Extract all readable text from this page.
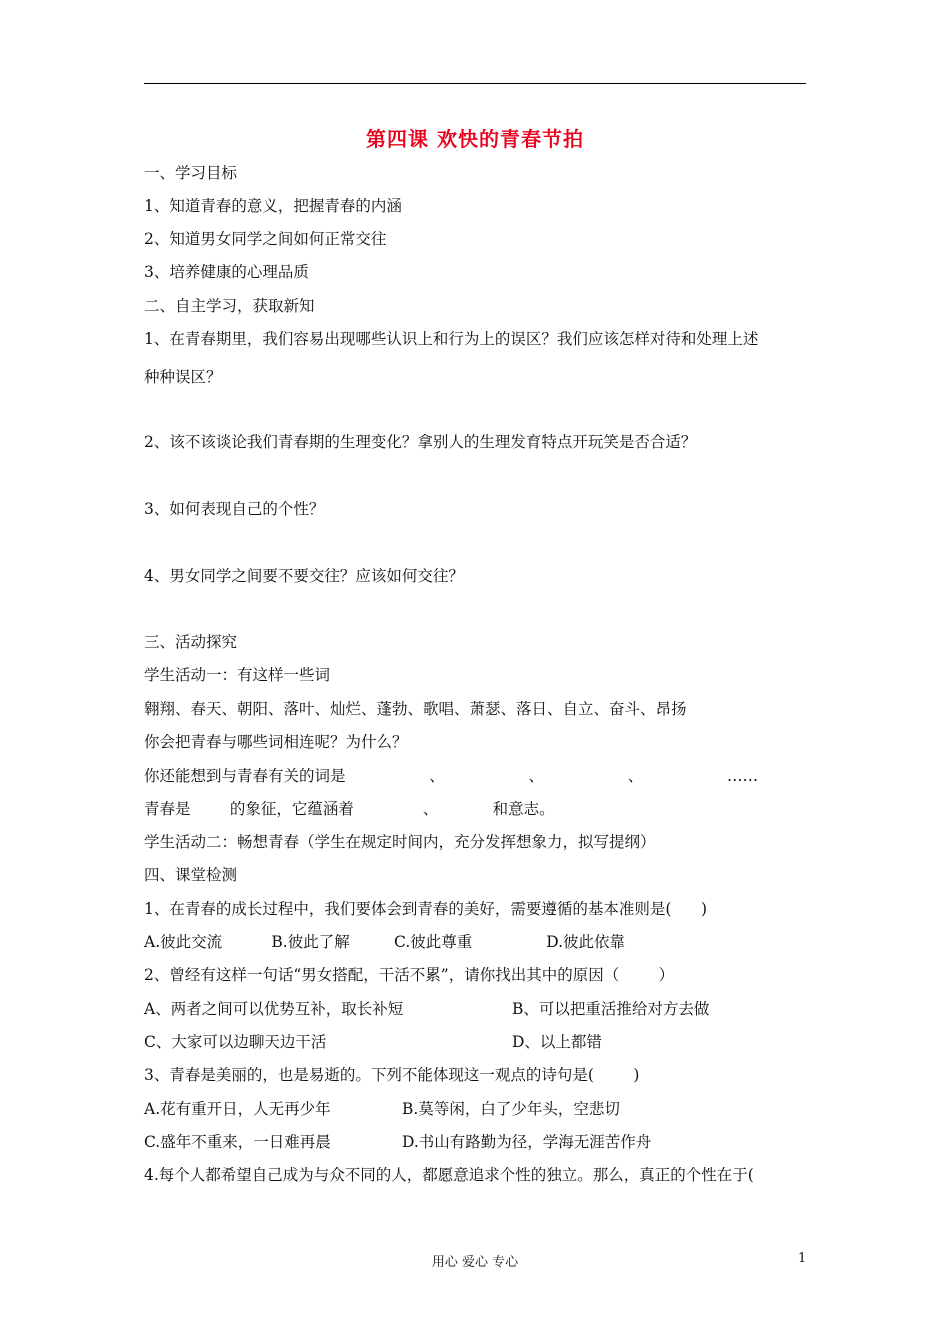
第四课 欢快的青春节拍
一、学习目标
1、知道青春的意义，把握青春的内涵
2、知道男女同学之间如何正常交往
3、培养健康的心理品质
二、自主学习，获取新知
1、在青春期里，我们容易出现哪些认识上和行为上的误区？我们应该怎样对待和处理上述
种种误区？
2、该不该谈论我们青春期的生理变化？拿别人的生理发育特点开玩笑是否合适？
3、如何表现自己的个性？
4、男女同学之间要不要交往？应该如何交往？
三、活动探究
学生活动一：有这样一些词
翱翔、春天、朝阳、落叶、灿烂、蓬勃、歌唱、萧瑟、落日、自立、奋斗、昂扬
你会把青春与哪些词相连呢？为什么？
你还能想到与青春有关的词是                 、                 、                 、                 ……
青春是        的象征，它蕴涵着              、           和意志。
学生活动二：畅想青春（学生在规定时间内，充分发挥想象力，拟写提纲）
四、课堂检测
1、在青春的成长过程中，我们要体会到青春的美好，需要遵循的基本准则是(      )
A.彼此交流          B.彼此了解         C.彼此尊重               D.彼此依靠
2、曾经有这样一句话“男女搭配，干活不累”，请你找出其中的原因（        ）
A、两者之间可以优势互补，取长补短	B、可以把重活推给对方去做
C、大家可以边聊天边干活	D、以上都错
3、青春是美丽的，也是易逝的。下列不能体现这一观点的诗句是(        )
A.花有重开日，人无再少年	B.莫等闲，白了少年头，空悲切
C.盛年不重来，一日难再晨	D.书山有路勤为径，学海无涯苦作舟
4.每个人都希望自己成为与众不同的人，都愿意追求个性的独立。那么，真正的个性在于(
用心 爱心 专心	1
